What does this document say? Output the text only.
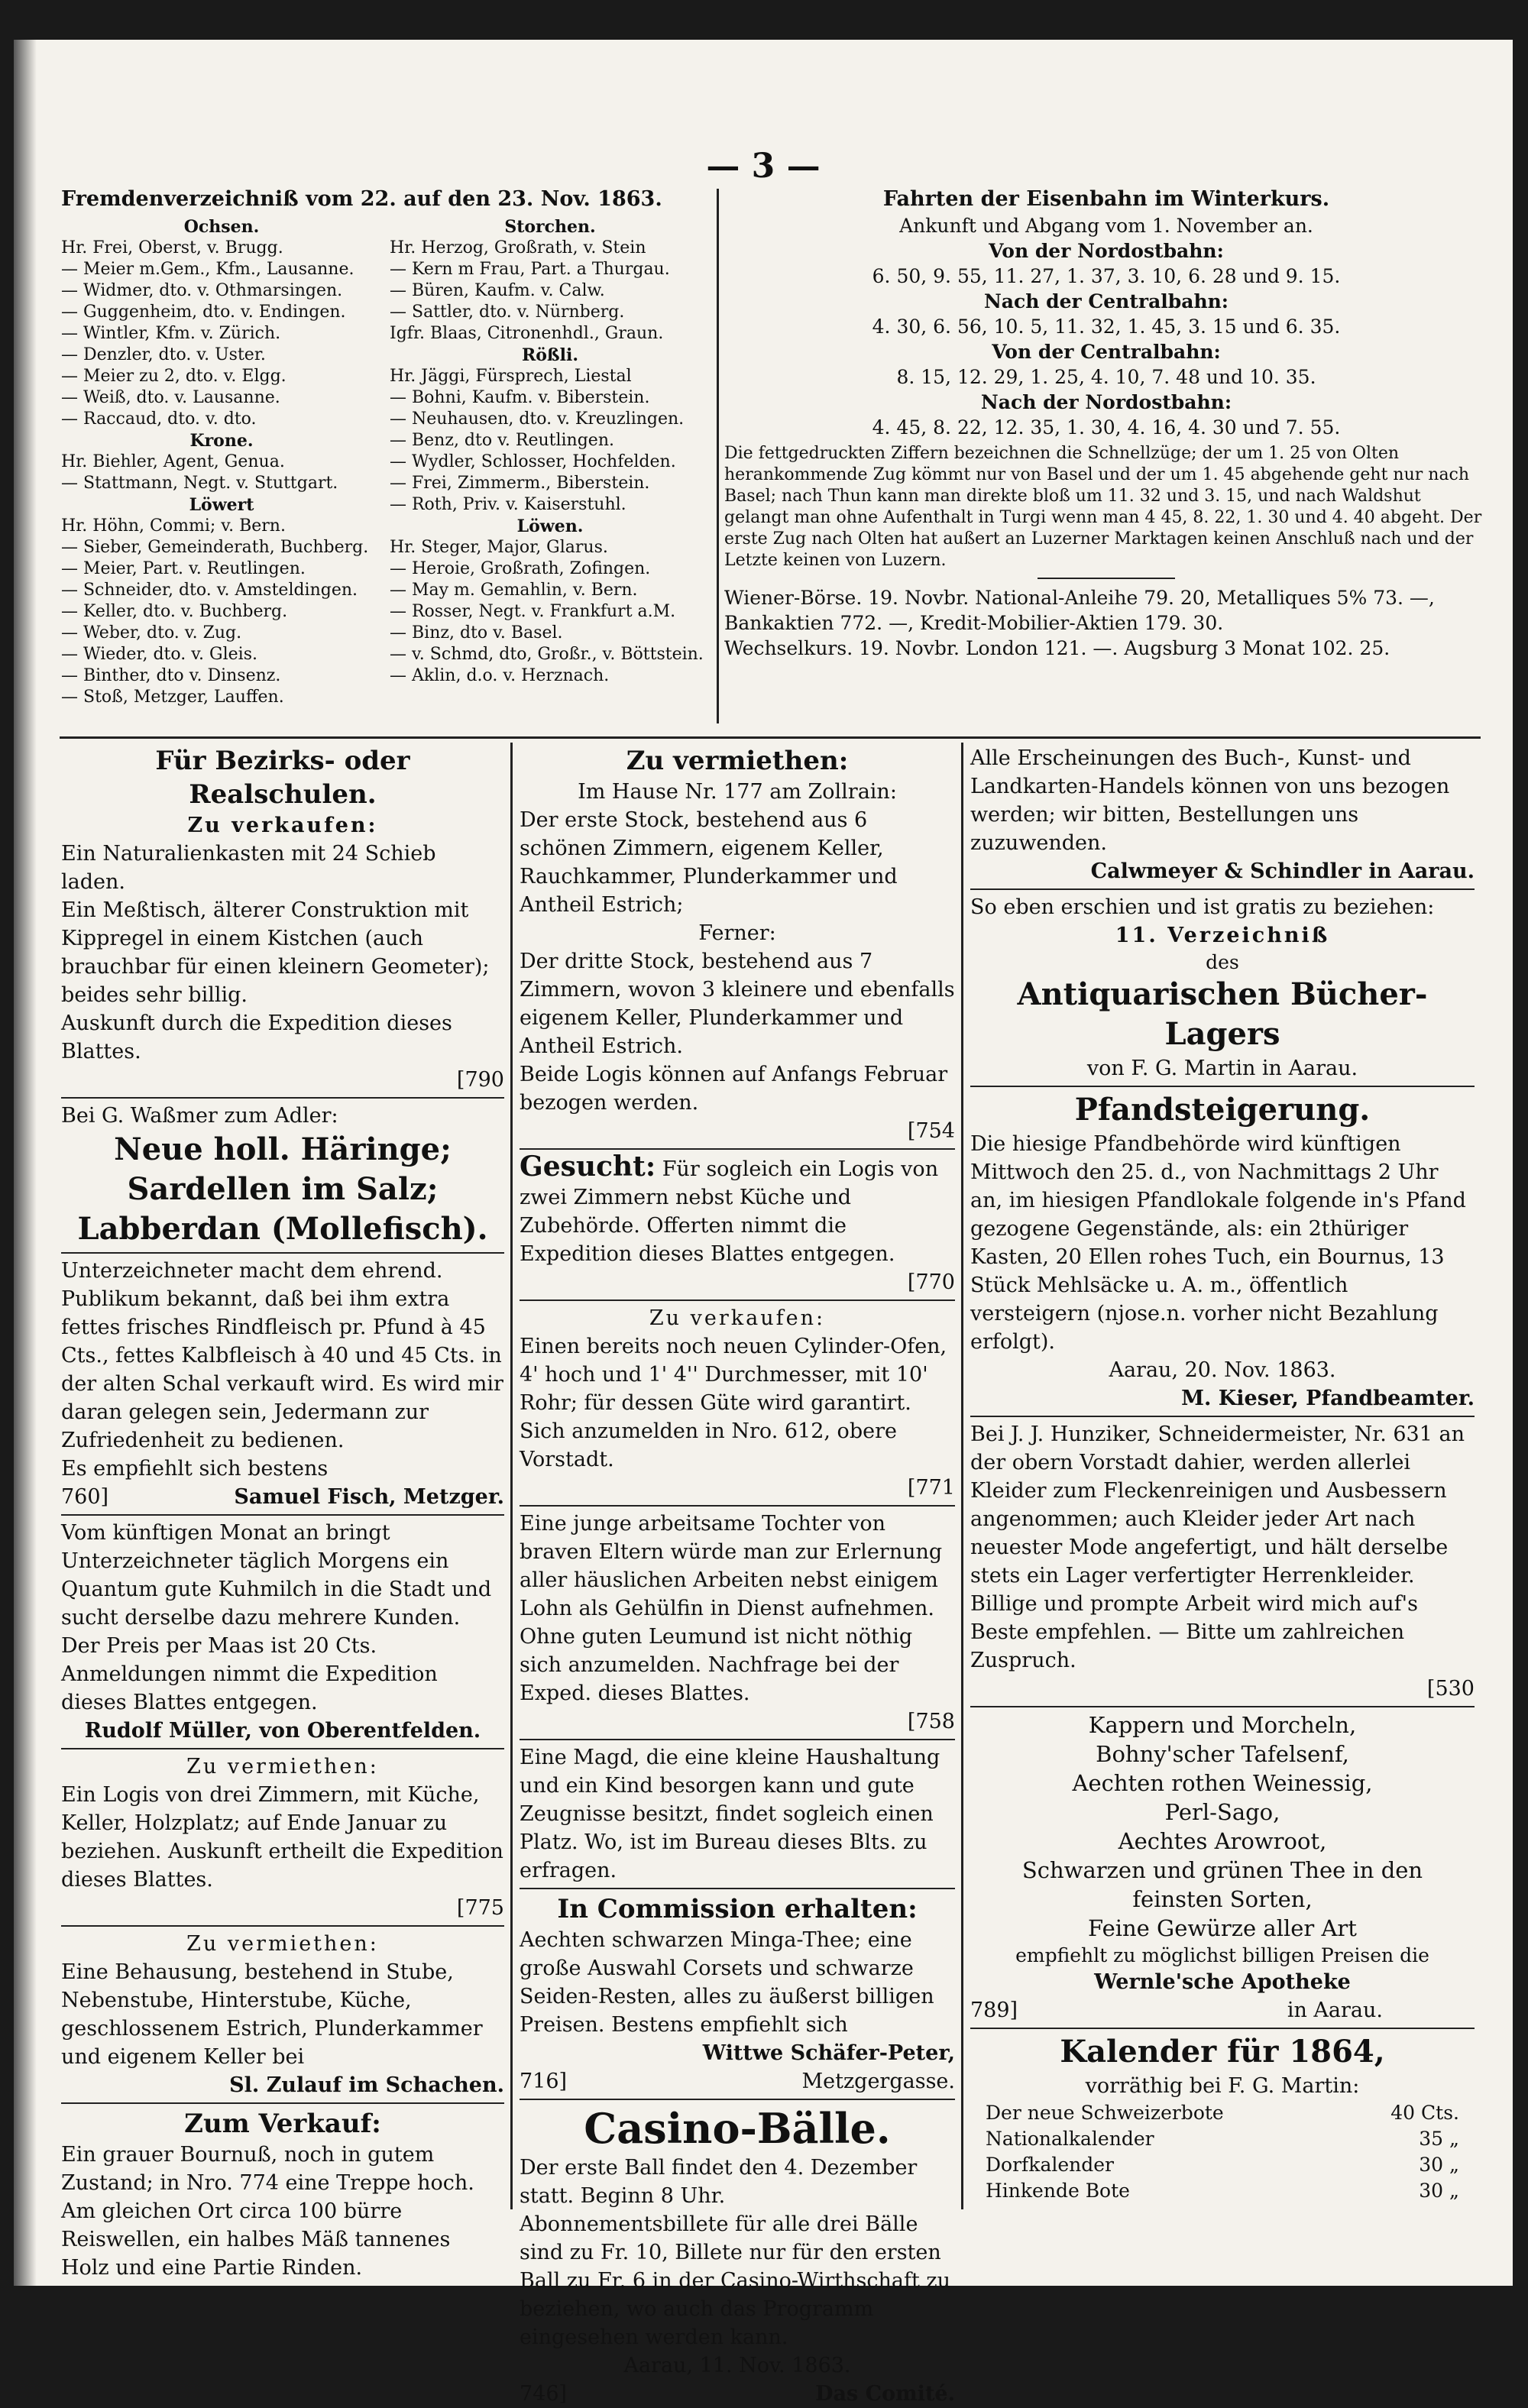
— 3 —
Fremdenverzeichniß vom 22. auf den 23. Nov. 1863.
Ochsen.
Hr. Frei, Oberst, v. Brugg.
— Meier m.Gem., Kfm., Lausanne.
— Widmer, dto. v. Othmarsingen.
— Guggenheim, dto. v. Endingen.
— Wintler, Kfm. v. Zürich.
— Denzler, dto. v. Uster.
— Meier zu 2, dto. v. Elgg.
— Weiß, dto. v. Lausanne.
— Raccaud, dto. v. dto.
Krone.
Hr. Biehler, Agent, Genua.
— Stattmann, Negt. v. Stuttgart.
Löwert
Hr. Höhn, Commi; v. Bern.
— Sieber, Gemeinderath, Buchberg.
— Meier, Part. v. Reutlingen.
— Schneider, dto. v. Amsteldingen.
— Keller, dto. v. Buchberg.
— Weber, dto. v. Zug.
— Wieder, dto. v. Gleis.
— Binther, dto v. Dinsenz.
— Stoß, Metzger, Lauffen.
Storchen.
Hr. Herzog, Großrath, v. Stein
— Kern m Frau, Part. a Thurgau.
— Büren, Kaufm. v. Calw.
— Sattler, dto. v. Nürnberg.
Igfr. Blaas, Citronenhdl., Graun.
Rößli.
Hr. Jäggi, Fürsprech, Liestal
— Bohni, Kaufm. v. Biberstein.
— Neuhausen, dto. v. Kreuzlingen.
— Benz, dto v. Reutlingen.
— Wydler, Schlosser, Hochfelden.
— Frei, Zimmerm., Biberstein.
— Roth, Priv. v. Kaiserstuhl.
Löwen.
Hr. Steger, Major, Glarus.
— Heroie, Großrath, Zofingen.
— May m. Gemahlin, v. Bern.
— Rosser, Negt. v. Frankfurt a.M.
— Binz, dto v. Basel.
— v. Schmd, dto, Großr., v. Böttstein.
— Aklin, d.o. v. Herznach.
Fahrten der Eisenbahn im Winterkurs.
Ankunft und Abgang vom 1. November an.
Von der Nordostbahn:
6. 50, 9. 55, 11. 27, 1. 37, 3. 10, 6. 28 und 9. 15.
Nach der Centralbahn:
4. 30, 6. 56, 10. 5, 11. 32, 1. 45, 3. 15 und 6. 35.
Von der Centralbahn:
8. 15, 12. 29, 1. 25, 4. 10, 7. 48 und 10. 35.
Nach der Nordostbahn:
4. 45, 8. 22, 12. 35, 1. 30, 4. 16, 4. 30 und 7. 55.
Die fettgedruckten Ziffern bezeichnen die Schnellzüge; der um 1. 25 von Olten herankommende Zug kömmt nur von Basel und der um 1. 45 abgehende geht nur nach Basel; nach Thun kann man direkte bloß um 11. 32 und 3. 15, und nach Waldshut gelangt man ohne Aufenthalt in Turgi wenn man 4 45, 8. 22, 1. 30 und 4. 40 abgeht. Der erste Zug nach Olten hat außert an Luzerner Marktagen keinen Anschluß nach und der Letzte keinen von Luzern.
Wiener-Börse. 19. Novbr. National-Anleihe 79. 20, Metalliques 5% 73. —, Bankaktien 772. —, Kredit-Mobilier-Aktien 179. 30.
Wechselkurs. 19. Novbr. London 121. —. Augsburg 3 Monat 102. 25.
Für Bezirks- oder Realschulen.
Zu verkaufen:

Ein Naturalienkasten mit 24 Schieb laden.

Ein Meßtisch, älterer Construktion mit Kippregel in einem Kistchen (auch brauchbar für einen kleinern Geometer); beides sehr billig.

Auskunft durch die Expedition dieses Blattes.

[790
Bei G. Waßmer zum Adler:
Neue holl. Häringe;
Sardellen im Salz;
Labberdan (Mollefisch).

Unterzeichneter macht dem ehrend. Publikum bekannt, daß bei ihm extra fettes frisches Rindfleisch pr. Pfund à 45 Cts., fettes Kalbfleisch à 40 und 45 Cts. in der alten Schal verkauft wird. Es wird mir daran gelegen sein, Jedermann zur Zufriedenheit zu bedienen.

Es empfiehlt sich bestens

760]	Samuel Fisch, Metzger.

Vom künftigen Monat an bringt Unterzeichneter täglich Morgens ein Quantum gute Kuhmilch in die Stadt und sucht derselbe dazu mehrere Kunden. Der Preis per Maas ist 20 Cts. Anmeldungen nimmt die Expedition dieses Blattes entgegen.

Rudolf Müller, von Oberentfelden.
Zu vermiethen:

Ein Logis von drei Zimmern, mit Küche, Keller, Holzplatz; auf Ende Januar zu beziehen. Auskunft ertheilt die Expedition dieses Blattes.

[775
Zu vermiethen:

Eine Behausung, bestehend in Stube, Nebenstube, Hinterstube, Küche, geschlossenem Estrich, Plunderkammer und eigenem Keller bei

Sl. Zulauf im Schachen.
Zum Verkauf:

Ein grauer Bournuß, noch in gutem Zustand; in Nro. 774 eine Treppe hoch. Am gleichen Ort circa 100 bürre Reiswellen, ein halbes Mäß tannenes Holz und eine Partie Rinden.

Zu vermiethen:
Im Hause Nr. 177 am Zollrain:

Der erste Stock, bestehend aus 6 schönen Zimmern, eigenem Keller, Rauchkammer, Plunderkammer und Antheil Estrich;

Ferner:

Der dritte Stock, bestehend aus 7 Zimmern, wovon 3 kleinere und ebenfalls eigenem Keller, Plunderkammer und Antheil Estrich.

Beide Logis können auf Anfangs Februar bezogen werden.

[754

Gesucht: Für sogleich ein Logis von zwei Zimmern nebst Küche und Zubehörde. Offerten nimmt die Expedition dieses Blattes entgegen.

[770
Zu verkaufen:

Einen bereits noch neuen Cylinder-Ofen, 4' hoch und 1' 4'' Durchmesser, mit 10' Rohr; für dessen Güte wird garantirt. Sich anzumelden in Nro. 612, obere Vorstadt.

[771

Eine junge arbeitsame Tochter von braven Eltern würde man zur Erlernung aller häuslichen Arbeiten nebst einigem Lohn als Gehülfin in Dienst aufnehmen.

Ohne guten Leumund ist nicht nöthig sich anzumelden. Nachfrage bei der Exped. dieses Blattes.

[758

Eine Magd, die eine kleine Haushaltung und ein Kind besorgen kann und gute Zeugnisse besitzt, findet sogleich einen Platz. Wo, ist im Bureau dieses Blts. zu erfragen.

In Commission erhalten:

Aechten schwarzen Minga-Thee; eine große Auswahl Corsets und schwarze Seiden-Resten, alles zu äußerst billigen Preisen. Bestens empfiehlt sich

Wittwe Schäfer-Peter,
716]	Metzgergasse.
Casino-Bälle.

Der erste Ball findet den 4. Dezember statt. Beginn 8 Uhr.

Abonnementsbillete für alle drei Bälle sind zu Fr. 10, Billete nur für den ersten Ball zu Fr. 6 in der Casino-Wirthschaft zu beziehen, wo auch das Programm eingesehen werden kann.

Aarau, 11. Nov. 1863.
746]	Das Comité.

Alle Erscheinungen des Buch-, Kunst- und Landkarten-Handels können von uns bezogen werden; wir bitten, Bestellungen uns zuzuwenden.

Calwmeyer & Schindler in Aarau.

So eben erschien und ist gratis zu beziehen:

11. Verzeichniß
des
Antiquarischen Bücher-Lagers
von F. G. Martin in Aarau.
Pfandsteigerung.

Die hiesige Pfandbehörde wird künftigen Mittwoch den 25. d., von Nachmittags 2 Uhr an, im hiesigen Pfandlokale folgende in's Pfand gezogene Gegenstände, als: ein 2thüriger Kasten, 20 Ellen rohes Tuch, ein Bournus, 13 Stück Mehlsäcke u. A. m., öffentlich versteigern (njose.n. vorher nicht Bezahlung erfolgt).

Aarau, 20. Nov. 1863.
M. Kieser, Pfandbeamter.

Bei J. J. Hunziker, Schneidermeister, Nr. 631 an der obern Vorstadt dahier, werden allerlei Kleider zum Fleckenreinigen und Ausbessern angenommen; auch Kleider jeder Art nach neuester Mode angefertigt, und hält derselbe stets ein Lager verfertigter Herrenkleider.

Billige und prompte Arbeit wird mich auf's Beste empfehlen. — Bitte um zahlreichen Zuspruch.

[530
Kappern und Morcheln,
Bohny'scher Tafelsenf,
Aechten rothen Weinessig,
Perl-Sago,
Aechtes Arowroot,
Schwarzen und grünen Thee in den
feinsten Sorten,
Feine Gewürze aller Art
empfiehlt zu möglichst billigen Preisen die
Wernle'sche Apotheke
789]	in Aarau.
Kalender für 1864,
vorräthig bei F. G. Martin:
Der neue Schweizerbote	40 Cts.
Nationalkalender	35 „
Dorfkalender	30 „
Hinkende Bote	30 „
